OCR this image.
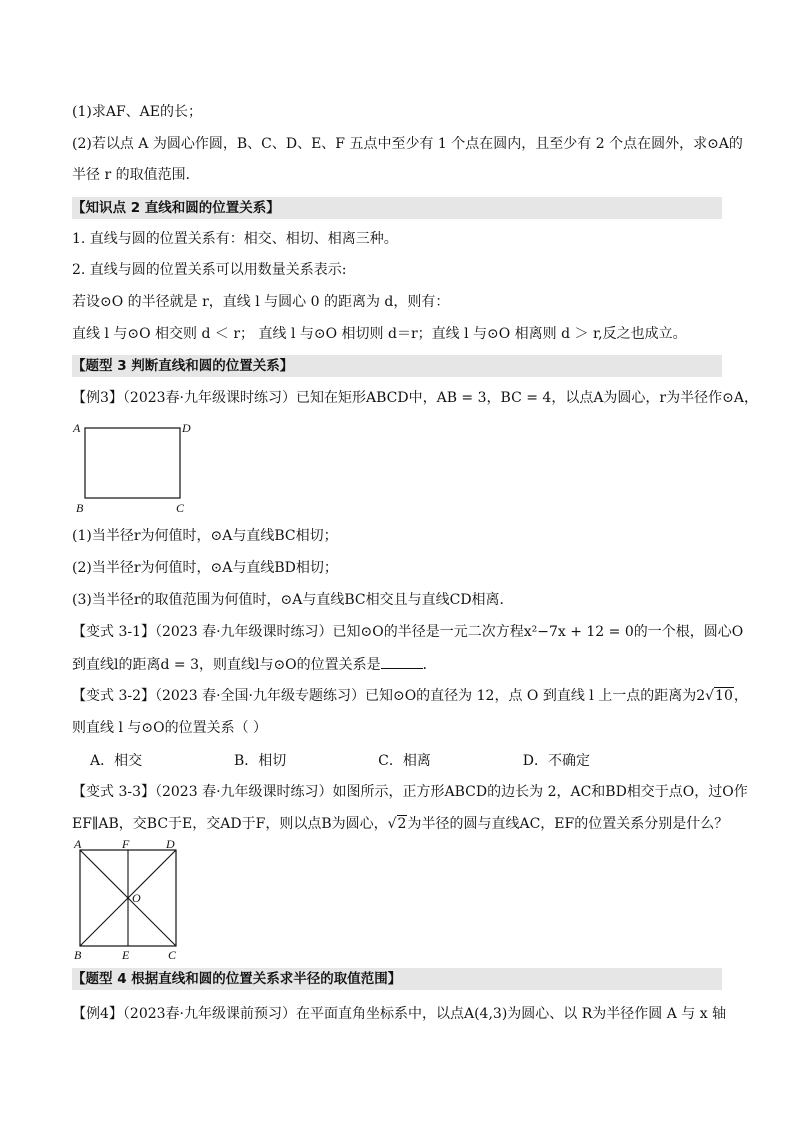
(1)求AF、AE的长；
(2)若以点 A 为圆心作圆，B、C、D、E、F 五点中至少有 1 个点在圆内，且至少有 2 个点在圆外，求⊙A的
半径 r 的取值范围．
【知识点 2 直线和圆的位置关系】
1. 直线与圆的位置关系有：相交、相切、相离三种。
2. 直线与圆的位置关系可以用数量关系表示:
若设⊙O 的半径就是 r，直线 l 与圆心 0 的距离为 d，则有：
直线 l 与⊙O 相交则 d ＜ r； 直线 l 与⊙O 相切则 d＝r；直线 l 与⊙O 相离则 d ＞ r,反之也成立。
【题型 3 判断直线和圆的位置关系】
【例3】（2023春·九年级课时练习）已知在矩形ABCD中，AB = 3，BC = 4，以点A为圆心，r为半径作⊙A，
A	D
B	C
(1)当半径r为何值时，⊙A与直线BC相切；
(2)当半径r为何值时，⊙A与直线BD相切；
(3)当半径r的取值范围为何值时，⊙A与直线BC相交且与直线CD相离．
【变式 3-1】（2023 春·九年级课时练习）已知⊙O的半径是一元二次方程x²−7x + 12 = 0的一个根，圆心O
到直线l的距离d = 3，则直线l与⊙O的位置关系是	．
【变式 3-2】（2023 春·全国·九年级专题练习）已知⊙O的直径为 12，点 O 到直线 l 上一点的距离为2√10，
则直线 l 与⊙O的位置关系（ ）
A．相交	B．相切	C．相离	D．不确定
【变式 3-3】（2023 春·九年级课时练习）如图所示，正方形ABCD的边长为 2，AC和BD相交于点O，过O作
EF∥AB，交BC于E，交AD于F，则以点B为圆心，√2为半径的圆与直线AC，EF的位置关系分别是什么？
A	F	D
O
B	E	C
【题型 4 根据直线和圆的位置关系求半径的取值范围】
【例4】（2023春·九年级课前预习）在平面直角坐标系中，以点A(4,3)为圆心、以 R为半径作圆 A 与 x 轴
